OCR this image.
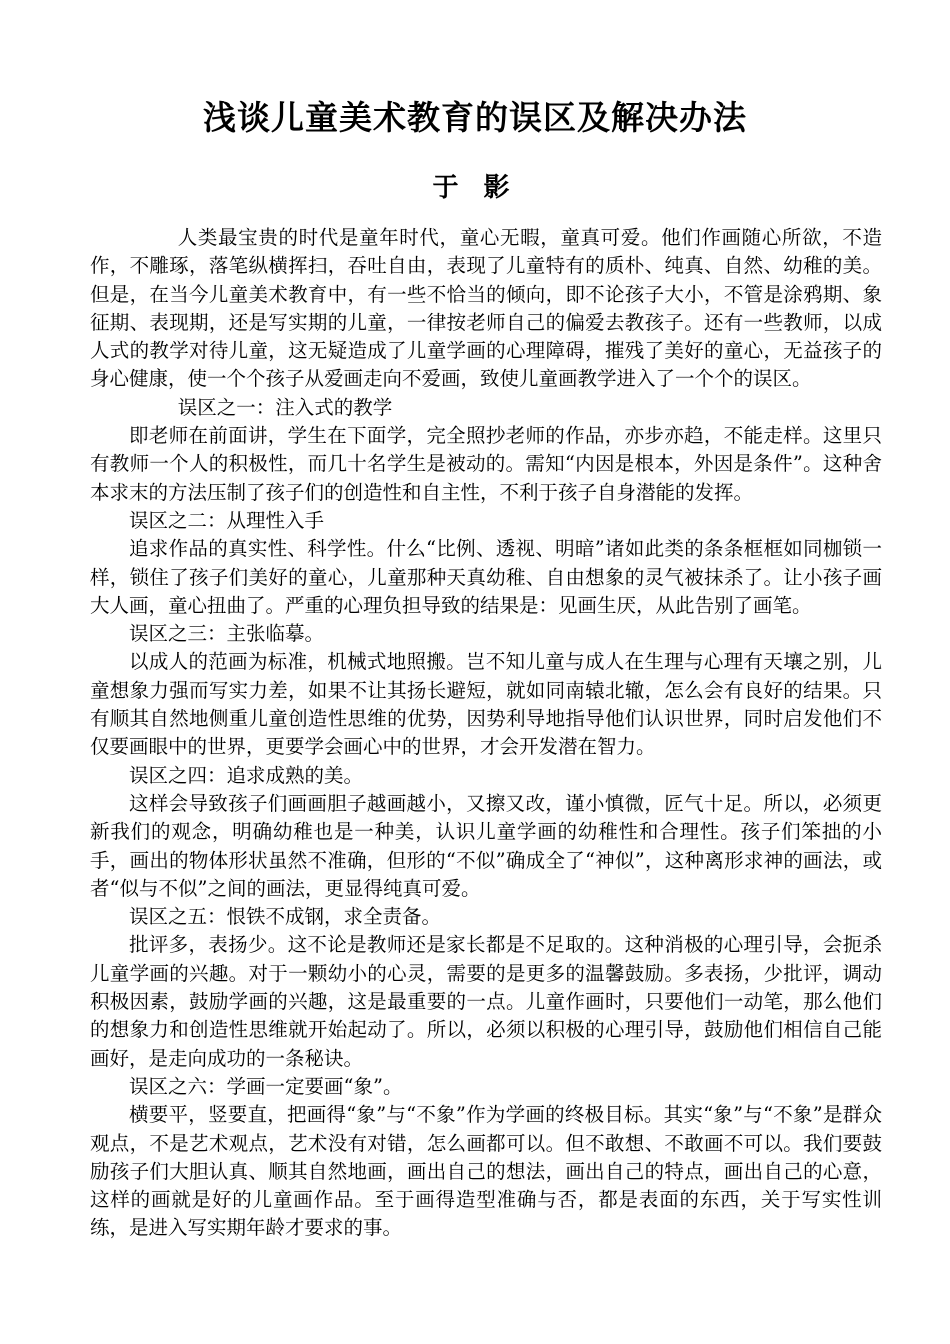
浅谈儿童美术教育的误区及解决办法
于 影

人类最宝贵的时代是童年时代，童心无暇，童真可爱。他们作画随心所欲，不造作，不雕琢，落笔纵横挥扫，吞吐自由，表现了儿童特有的质朴、纯真、自然、幼稚的美。但是，在当今儿童美术教育中，有一些不恰当的倾向，即不论孩子大小，不管是涂鸦期、象征期、表现期，还是写实期的儿童，一律按老师自己的偏爱去教孩子。还有一些教师，以成人式的教学对待儿童，这无疑造成了儿童学画的心理障碍，摧残了美好的童心，无益孩子的身心健康，使一个个孩子从爱画走向不爱画，致使儿童画教学进入了一个个的误区。

误区之一：注入式的教学

即老师在前面讲，学生在下面学，完全照抄老师的作品，亦步亦趋，不能走样。这里只有教师一个人的积极性，而几十名学生是被动的。需知“内因是根本，外因是条件”。这种舍本求末的方法压制了孩子们的创造性和自主性，不利于孩子自身潜能的发挥。

误区之二：从理性入手

追求作品的真实性、科学性。什么“比例、透视、明暗”诸如此类的条条框框如同枷锁一样，锁住了孩子们美好的童心，儿童那种天真幼稚、自由想象的灵气被抹杀了。让小孩子画大人画，童心扭曲了。严重的心理负担导致的结果是：见画生厌，从此告别了画笔。

误区之三：主张临摹。

以成人的范画为标准，机械式地照搬。岂不知儿童与成人在生理与心理有天壤之别，儿童想象力强而写实力差，如果不让其扬长避短，就如同南辕北辙，怎么会有良好的结果。只有顺其自然地侧重儿童创造性思维的优势，因势利导地指导他们认识世界，同时启发他们不仅要画眼中的世界，更要学会画心中的世界，才会开发潜在智力。

误区之四：追求成熟的美。

这样会导致孩子们画画胆子越画越小，又擦又改，谨小慎微，匠气十足。所以，必须更新我们的观念，明确幼稚也是一种美，认识儿童学画的幼稚性和合理性。孩子们笨拙的小手，画出的物体形状虽然不准确，但形的“不似”确成全了“神似”，这种离形求神的画法，或者“似与不似”之间的画法，更显得纯真可爱。

误区之五：恨铁不成钢，求全责备。

批评多，表扬少。这不论是教师还是家长都是不足取的。这种消极的心理引导，会扼杀儿童学画的兴趣。对于一颗幼小的心灵，需要的是更多的温馨鼓励。多表扬，少批评，调动积极因素，鼓励学画的兴趣，这是最重要的一点。儿童作画时，只要他们一动笔，那么他们的想象力和创造性思维就开始起动了。所以，必须以积极的心理引导，鼓励他们相信自己能画好，是走向成功的一条秘诀。

误区之六：学画一定要画“象”。

横要平，竖要直，把画得“象”与“不象”作为学画的终极目标。其实“象”与“不象”是群众观点，不是艺术观点，艺术没有对错，怎么画都可以。但不敢想、不敢画不可以。我们要鼓励孩子们大胆认真、顺其自然地画，画出自己的想法，画出自己的特点，画出自己的心意，这样的画就是好的儿童画作品。至于画得造型准确与否，都是表面的东西，关于写实性训练，是进入写实期年龄才要求的事。
